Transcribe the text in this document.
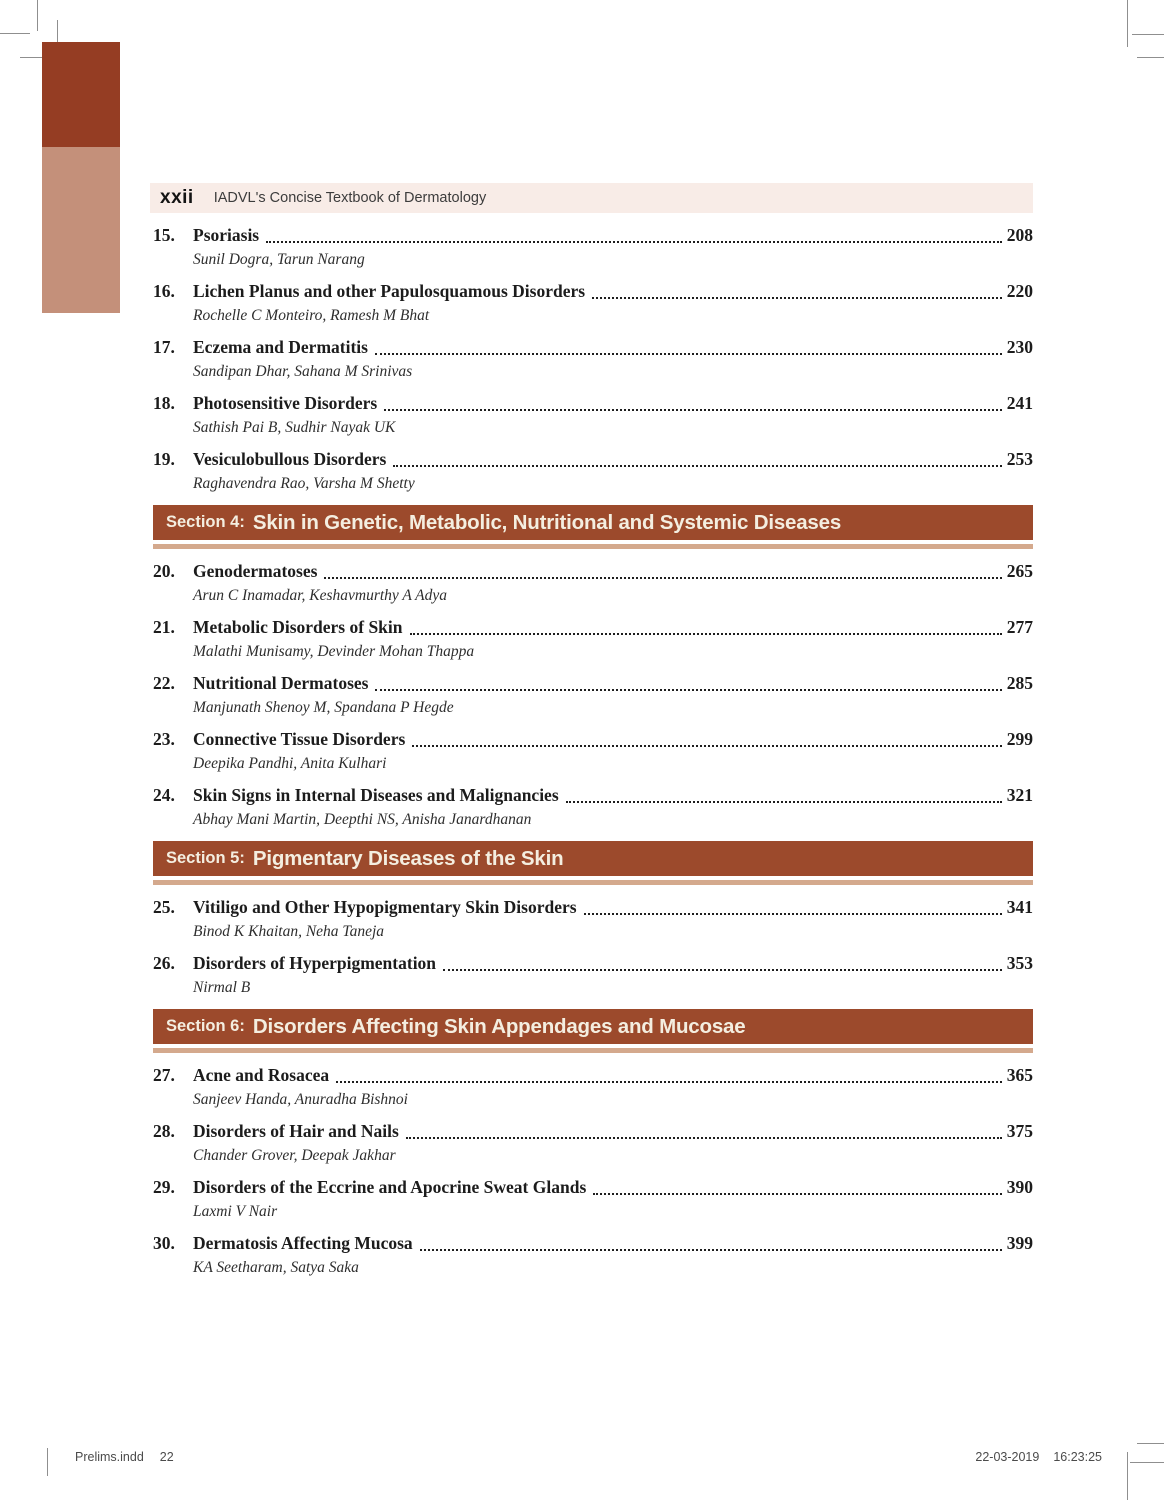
xxii IADVL's Concise Textbook of Dermatology
15.	Psoriasis	208
Sunil Dogra, Tarun Narang
16.	Lichen Planus and other Papulosquamous Disorders	220
Rochelle C Monteiro, Ramesh M Bhat
17.	Eczema and Dermatitis	230
Sandipan Dhar, Sahana M Srinivas
18.	Photosensitive Disorders	241
Sathish Pai B, Sudhir Nayak UK
19.	Vesiculobullous Disorders	253
Raghavendra Rao, Varsha M Shetty
Section 4: Skin in Genetic, Metabolic, Nutritional and Systemic Diseases
20.	Genodermatoses	265
Arun C Inamadar, Keshavmurthy A Adya
21.	Metabolic Disorders of Skin	277
Malathi Munisamy, Devinder Mohan Thappa
22.	Nutritional Dermatoses	285
Manjunath Shenoy M, Spandana P Hegde
23.	Connective Tissue Disorders	299
Deepika Pandhi, Anita Kulhari
24.	Skin Signs in Internal Diseases and Malignancies	321
Abhay Mani Martin, Deepthi NS, Anisha Janardhanan
Section 5: Pigmentary Diseases of the Skin
25.	Vitiligo and Other Hypopigmentary Skin Disorders	341
Binod K Khaitan, Neha Taneja
26.	Disorders of Hyperpigmentation	353
Nirmal B
Section 6: Disorders Affecting Skin Appendages and Mucosae
27.	Acne and Rosacea	365
Sanjeev Handa, Anuradha Bishnoi
28.	Disorders of Hair and Nails	375
Chander Grover, Deepak Jakhar
29.	Disorders of the Eccrine and Apocrine Sweat Glands	390
Laxmi V Nair
30.	Dermatosis Affecting Mucosa	399
KA Seetharam, Satya Saka
Prelims.indd 22	22-03-2019 16:23:25
